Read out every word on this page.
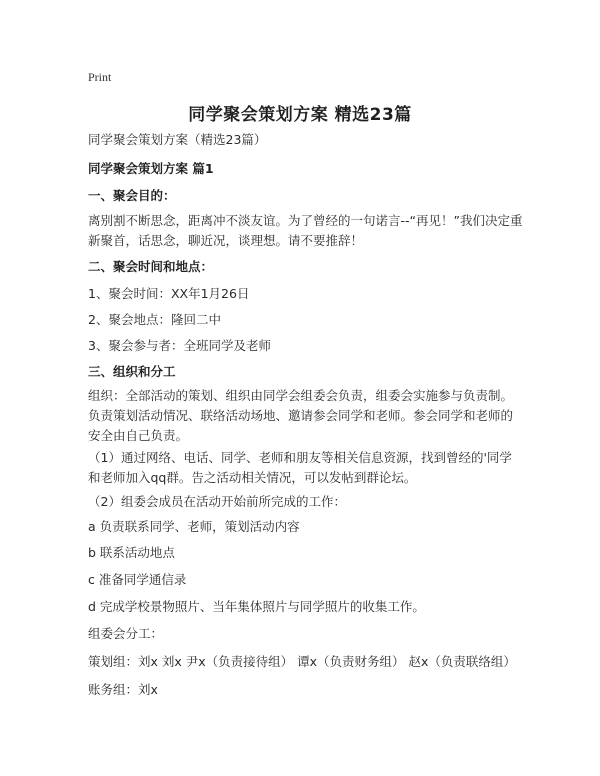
Print
同学聚会策划方案 精选23篇
同学聚会策划方案（精选23篇）
同学聚会策划方案 篇1
一、聚会目的：
离别割不断思念，距离冲不淡友谊。为了曾经的一句诺言--“再见！”我们决定重新聚首，话思念，聊近况，谈理想。请不要推辞！
二、聚会时间和地点：
1、聚会时间：XX年1月26日
2、聚会地点：隆回二中
3、聚会参与者：全班同学及老师
三、组织和分工
组织：全部活动的策划、组织由同学会组委会负责，组委会实施参与负责制。负责策划活动情况、联络活动场地、邀请参会同学和老师。参会同学和老师的安全由自己负责。
（1）通过网络、电话、同学、老师和朋友等相关信息资源，找到曾经的'同学和老师加入qq群。告之活动相关情况，可以发帖到群论坛。
（2）组委会成员在活动开始前所完成的工作：
a 负责联系同学、老师，策划活动内容
b 联系活动地点
c 准备同学通信录
d 完成学校景物照片、当年集体照片与同学照片的收集工作。
组委会分工：
策划组：刘x 刘x 尹x（负责接待组） 谭x（负责财务组） 赵x（负责联络组）
账务组：刘x
